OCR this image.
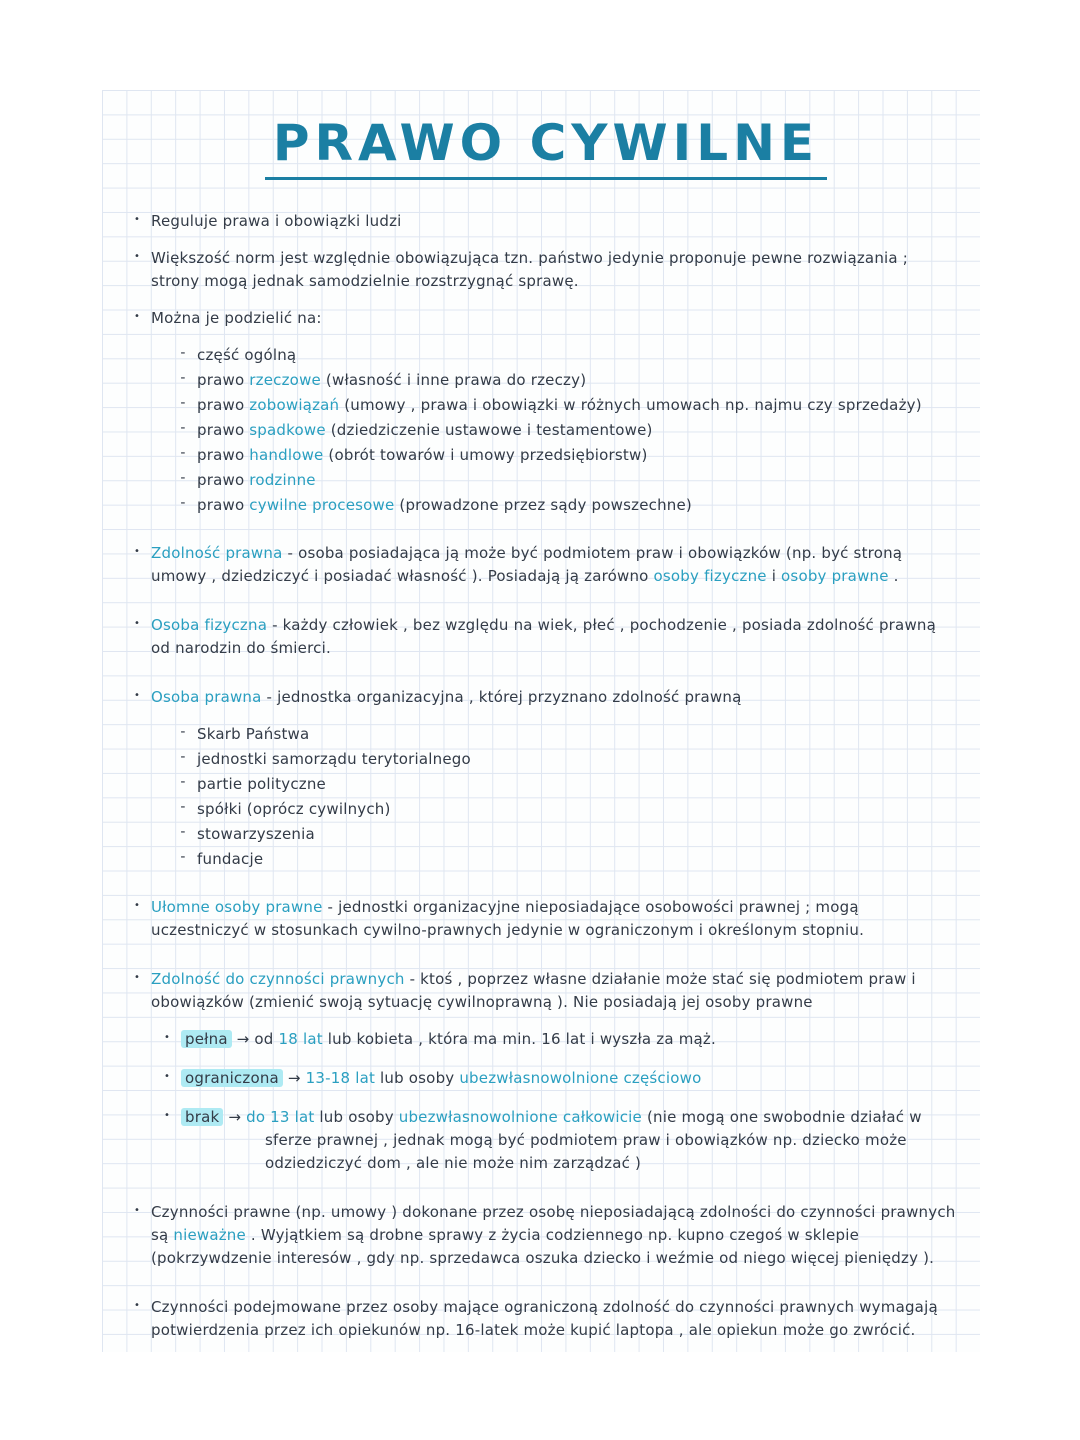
PRAWO CYWILNE
• Reguluje prawa i obowiązki ludzi
• Większość norm jest względnie obowiązująca tzn. państwo jedynie proponuje pewne rozwiązania ; strony mogą jednak samodzielnie rozstrzygnąć sprawę.
• Można je podzielić na:
- część ogólną
- prawo rzeczowe (własność i inne prawa do rzeczy)
- prawo zobowiązań (umowy , prawa i obowiązki w różnych umowach np. najmu czy sprzedaży)
- prawo spadkowe (dziedziczenie ustawowe i testamentowe)
- prawo handlowe (obrót towarów i umowy przedsiębiorstw)
- prawo rodzinne
- prawo cywilne procesowe (prowadzone przez sądy powszechne)
• Zdolność prawna - osoba posiadająca ją może być podmiotem praw i obowiązków (np. być stroną umowy , dziedziczyć i posiadać własność ). Posiadają ją zarówno osoby fizyczne i osoby prawne .
• Osoba fizyczna - każdy człowiek , bez względu na wiek, płeć , pochodzenie , posiada zdolność prawną od narodzin do śmierci.
• Osoba prawna - jednostka organizacyjna , której przyznano zdolność prawną
- Skarb Państwa
- jednostki samorządu terytorialnego
- partie polityczne
- spółki (oprócz cywilnych)
- stowarzyszenia
- fundacje
• Ułomne osoby prawne - jednostki organizacyjne nieposiadające osobowości prawnej ; mogą uczestniczyć w stosunkach cywilno-prawnych jedynie w ograniczonym i określonym stopniu.
• Zdolność do czynności prawnych - ktoś , poprzez własne działanie może stać się podmiotem praw i obowiązków (zmienić swoją sytuację cywilnoprawną ). Nie posiadają jej osoby prawne
• pełna → od 18 lat lub kobieta , która ma min. 16 lat i wyszła za mąż.
• ograniczona → 13-18 lat lub osoby ubezwłasnowolnione częściowo
• brak → do 13 lat lub osoby ubezwłasnowolnione całkowicie (nie mogą one swobodnie działać w sferze prawnej , jednak mogą być podmiotem praw i obowiązków np. dziecko może odziedziczyć dom , ale nie może nim zarządzać )
• Czynności prawne (np. umowy ) dokonane przez osobę nieposiadającą zdolności do czynności prawnych są nieważne . Wyjątkiem są drobne sprawy z życia codziennego np. kupno czegoś w sklepie (pokrzywdzenie interesów , gdy np. sprzedawca oszuka dziecko i weźmie od niego więcej pieniędzy ).
• Czynności podejmowane przez osoby mające ograniczoną zdolność do czynności prawnych wymagają potwierdzenia przez ich opiekunów np. 16-latek może kupić laptopa , ale opiekun może go zwrócić.
